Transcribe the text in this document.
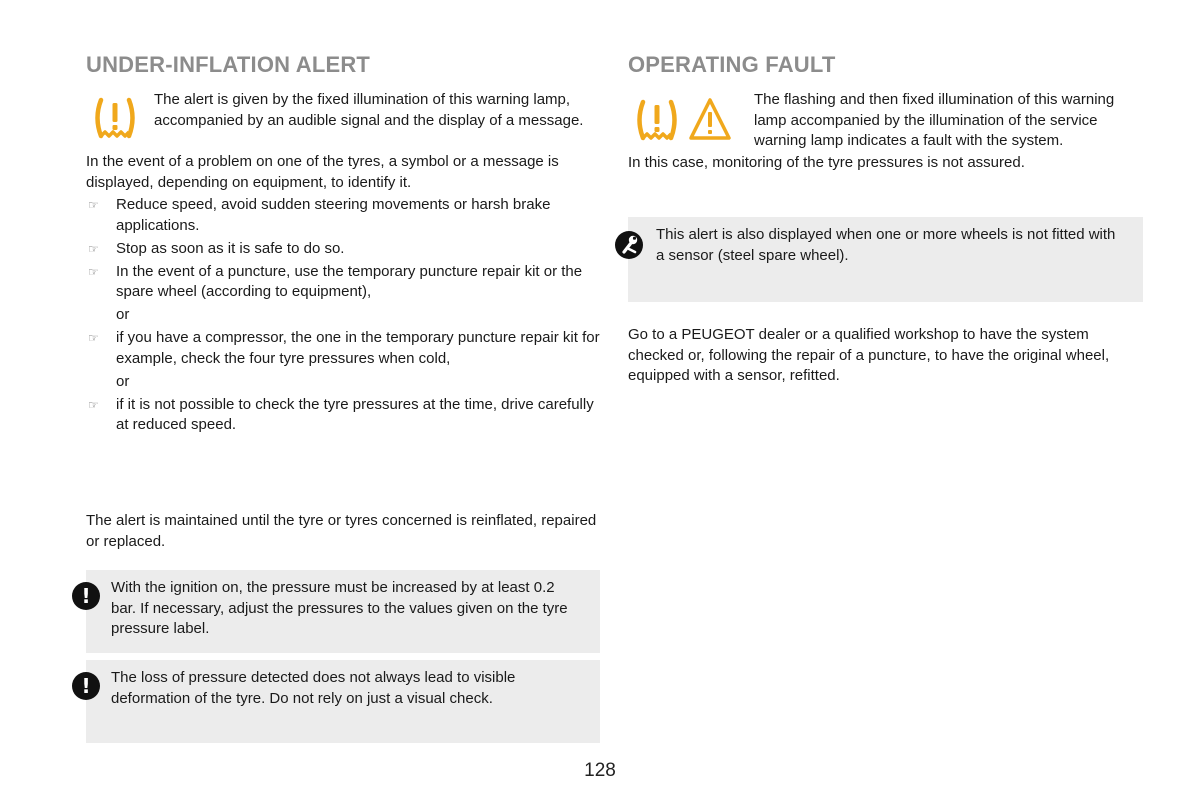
UNDER-INFLATION ALERT

The alert is given by the fixed illumination of this warning lamp, accompanied by an audible signal and the display of a message.

In the event of a problem on one of the tyres, a symbol or a message is displayed, depending on equipment, to identify it.

☞ Reduce speed, avoid sudden steering movements or harsh brake applications.
☞ Stop as soon as it is safe to do so.
☞ In the event of a puncture, use the temporary puncture repair kit or the spare wheel (according to equipment),

or

☞ if you have a compressor, the one in the temporary puncture repair kit for example, check the four tyre pressures when cold,

or

☞ if it is not possible to check the tyre pressures at the time, drive carefully at reduced speed.

The alert is maintained until the tyre or tyres concerned is reinflated, repaired or replaced.

!	With the ignition on, the pressure must be increased by at least 0.2 bar. If necessary, adjust the pressures to the values given on the tyre pressure label.

!	The loss of pressure detected does not always lead to visible deformation of the tyre. Do not rely on just a visual check.

OPERATING FAULT

The flashing and then fixed illumination of this warning lamp accompanied by the illumination of the service warning lamp indicates a fault with the system.

In this case, monitoring of the tyre pressures is not assured.

This alert is also displayed when one or more wheels is not fitted with a sensor (steel spare wheel).

Go to a PEUGEOT dealer or a qualified workshop to have the system checked or, following the repair of a puncture, to have the original wheel, equipped with a sensor, refitted.

128
